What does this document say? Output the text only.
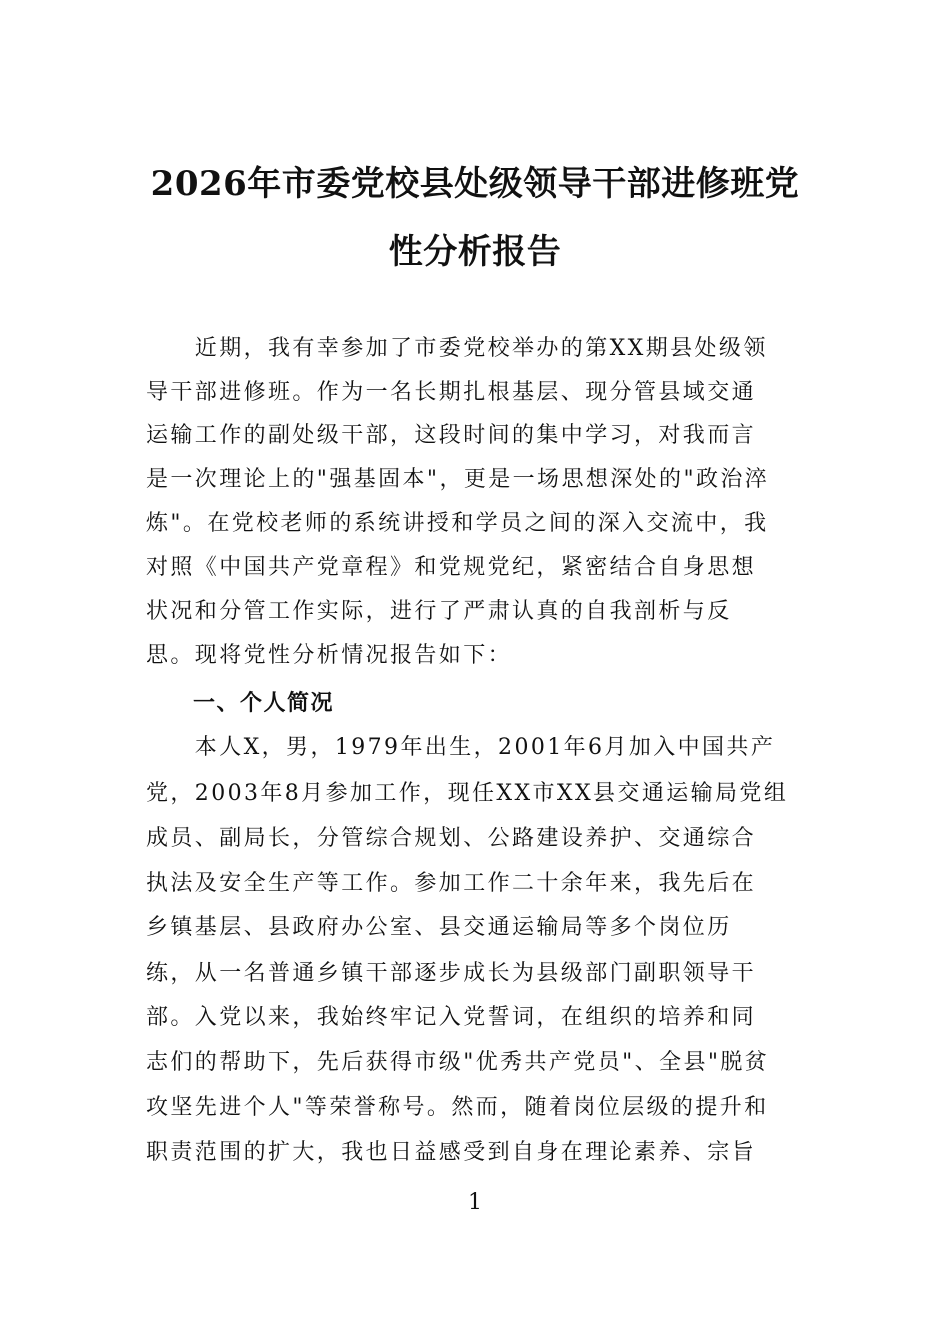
2026年市委党校县处级领导干部进修班党
性分析报告
　　近期，我有幸参加了市委党校举办的第XX期县处级领
导干部进修班。作为一名长期扎根基层、现分管县域交通
运输工作的副处级干部，这段时间的集中学习，对我而言
是一次理论上的"强基固本"，更是一场思想深处的"政治淬
炼"。在党校老师的系统讲授和学员之间的深入交流中，我
对照《中国共产党章程》和党规党纪，紧密结合自身思想
状况和分管工作实际，进行了严肃认真的自我剖析与反
思。现将党性分析情况报告如下：
　　一、个人简况
　　本人X，男，1979年出生，2001年6月加入中国共产
党，2003年8月参加工作，现任XX市XX县交通运输局党组
成员、副局长，分管综合规划、公路建设养护、交通综合
执法及安全生产等工作。参加工作二十余年来，我先后在
乡镇基层、县政府办公室、县交通运输局等多个岗位历
练，从一名普通乡镇干部逐步成长为县级部门副职领导干
部。入党以来，我始终牢记入党誓词，在组织的培养和同
志们的帮助下，先后获得市级"优秀共产党员"、全县"脱贫
攻坚先进个人"等荣誉称号。然而，随着岗位层级的提升和
职责范围的扩大，我也日益感受到自身在理论素养、宗旨
1
